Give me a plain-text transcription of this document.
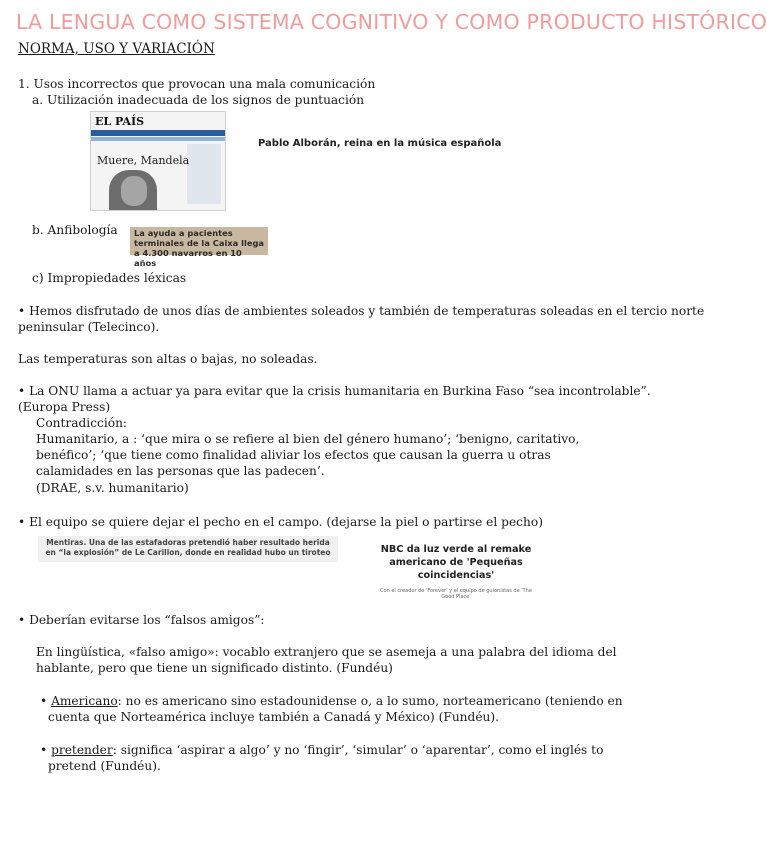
LA LENGUA COMO SISTEMA COGNITIVO Y COMO PRODUCTO HISTÓRICO
NORMA, USO Y VARIACIÓN
1. Usos incorrectos que provocan una mala comunicación
a. Utilización inadecuada de los signos de puntuación
EL PAÍS
Muere, Mandela
Pablo Alborán, reina en la música española
b. Anfibología	La ayuda a pacientes terminales de la Caixa llega a 4.300 navarros en 10 años
c) Impropiedades léxicas
• Hemos disfrutado de unos días de ambientes soleados y también de temperaturas soleadas en el tercio norte
peninsular (Telecinco).
Las temperaturas son altas o bajas, no soleadas.
• La ONU llama a actuar ya para evitar que la crisis humanitaria en Burkina Faso “sea incontrolable”.
(Europa Press)
Contradicción:
Humanitario, a : ‘que mira o se refiere al bien del género humano’; ‘benigno, caritativo,
benéfico’; ‘que tiene como finalidad aliviar los efectos que causan la guerra u otras
calamidades en las personas que las padecen’.
(DRAE, s.v. humanitario)
• El equipo se quiere dejar el pecho en el campo. (dejarse la piel o partirse el pecho)
Mentiras. Una de las estafadoras pretendió haber resultado herida en “la explosión” de Le Carillon, donde en realidad hubo un tiroteo	NBC da luz verde al remake americano de 'Pequeñas coincidencias'
Con el creador de 'Forever' y el equipo de guionistas de 'The Good Place'
• Deberían evitarse los “falsos amigos”:
En lingüística, «falso amigo»: vocablo extranjero que se asemeja a una palabra del idioma del
hablante, pero que tiene un significado distinto. (Fundéu)
• Americano: no es americano sino estadounidense o, a lo sumo, norteamericano (teniendo en
cuenta que Norteamérica incluye también a Canadá y México) (Fundéu).
• pretender: significa ‘aspirar a algo’ y no ‘fingir’, ‘simular’ o ‘aparentar’, como el inglés to
pretend (Fundéu).
